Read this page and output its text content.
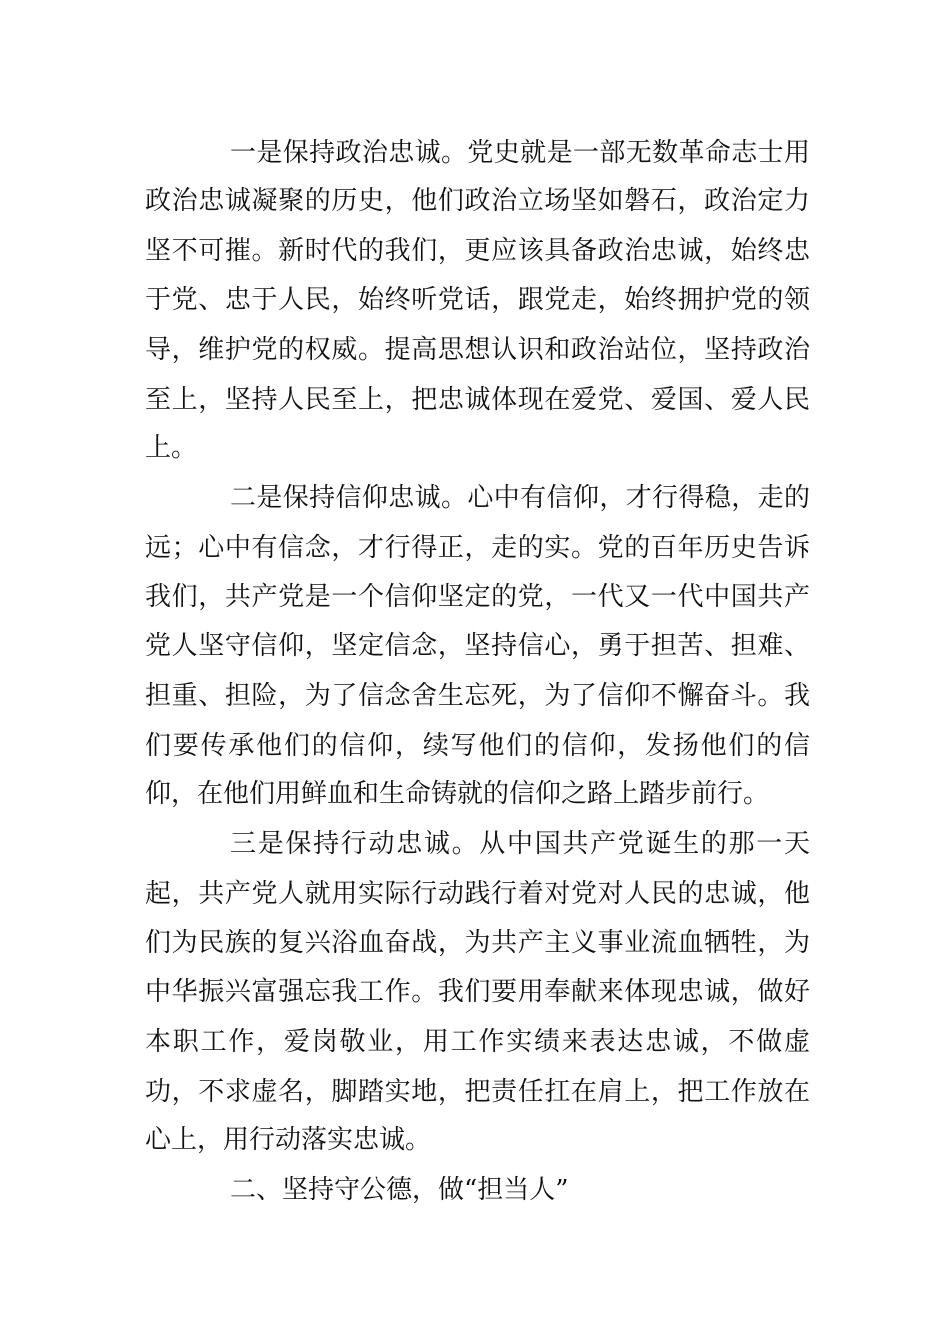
一是保持政治忠诚。党史就是一部无数革命志士用
政治忠诚凝聚的历史，他们政治立场坚如磐石，政治定力
坚不可摧。新时代的我们，更应该具备政治忠诚，始终忠
于党、忠于人民，始终听党话，跟党走，始终拥护党的领
导，维护党的权威。提高思想认识和政治站位，坚持政治
至上，坚持人民至上，把忠诚体现在爱党、爱国、爱人民
上。
二是保持信仰忠诚。心中有信仰，才行得稳，走的
远；心中有信念，才行得正，走的实。党的百年历史告诉
我们，共产党是一个信仰坚定的党，一代又一代中国共产
党人坚守信仰，坚定信念，坚持信心，勇于担苦、担难、
担重、担险，为了信念舍生忘死，为了信仰不懈奋斗。我
们要传承他们的信仰，续写他们的信仰，发扬他们的信
仰，在他们用鲜血和生命铸就的信仰之路上踏步前行。
三是保持行动忠诚。从中国共产党诞生的那一天
起，共产党人就用实际行动践行着对党对人民的忠诚，他
们为民族的复兴浴血奋战，为共产主义事业流血牺牲，为
中华振兴富强忘我工作。我们要用奉献来体现忠诚，做好
本职工作，爱岗敬业，用工作实绩来表达忠诚，不做虚
功，不求虚名，脚踏实地，把责任扛在肩上，把工作放在
心上，用行动落实忠诚。
二、坚持守公德，做“担当人”
